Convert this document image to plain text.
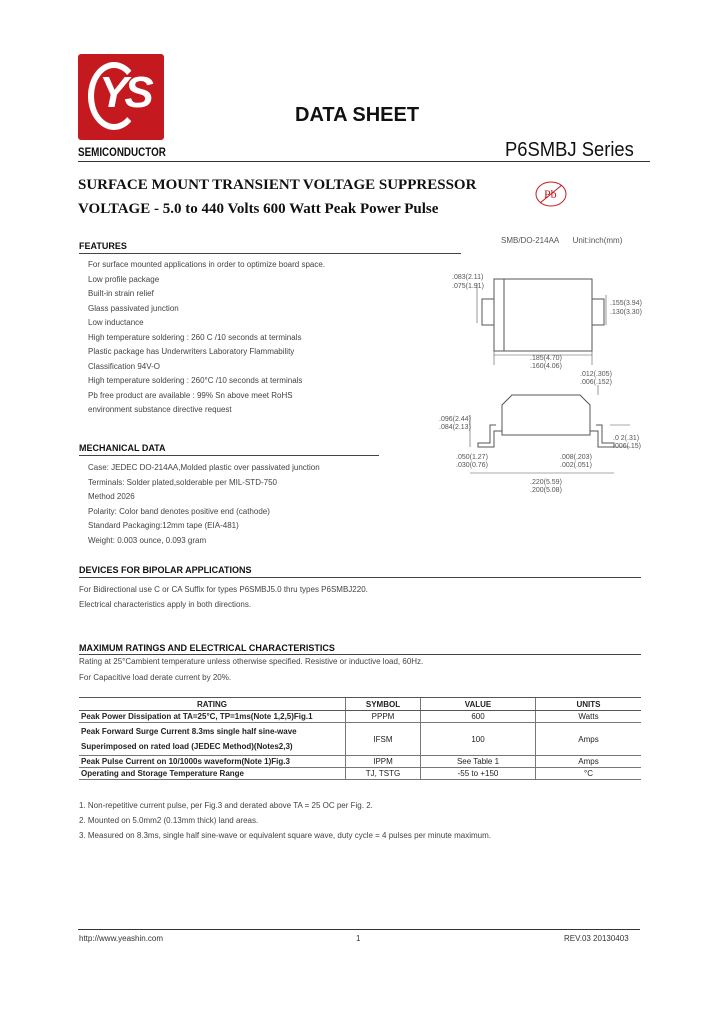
YS
SEMICONDUCTOR
DATA SHEET
P6SMBJ Series
SURFACE MOUNT TRANSIENT VOLTAGE SUPPRESSOR
VOLTAGE - 5.0 to 440 Volts 600 Watt Peak Power Pulse
Pb
FEATURES
For surface mounted applications in order to optimize board space.
Low profile package
Built-in strain relief
Glass passivated junction
Low inductance
High temperature soldering : 260 C /10 seconds at terminals
Plastic package has Underwriters Laboratory Flammability
Classification 94V-O
High temperature soldering : 260°C /10 seconds at terminals
Pb free product are available : 99% Sn above meet RoHS
environment substance directive request
SMB/DO-214AA Unit:inch(mm)
.083(2.11)
.075(1.91)
.155(3.94)
.130(3.30)
.185(4.70)
.160(4.06)
.012(.305)
.006(.152)
.096(2.44)
.084(2.13)
.050(1.27)
.030(0.76)
.008(.203)
.002(.051)
.220(5.59)
.200(5.08)
.0 2(.31)
.006(.15)
MECHANICAL DATA
Case: JEDEC DO-214AA,Molded plastic over passivated junction
Terminals: Solder plated,solderable per MIL-STD-750
Method 2026
Polarity: Color band denotes positive end (cathode)
Standard Packaging:12mm tape (EIA-481)
Weight: 0.003 ounce, 0.093 gram
DEVICES FOR BIPOLAR APPLICATIONS
For Bidirectional use C or CA Suffix for types P6SMBJ5.0 thru types P6SMBJ220.
Electrical characteristics apply in both directions.
MAXIMUM RATINGS AND ELECTRICAL CHARACTERISTICS
Rating at 25°Cambient temperature unless otherwise specified. Resistive or inductive load, 60Hz.
For Capacitive load derate current by 20%.
RATING	SYMBOL	VALUE	UNITS
Peak Power Dissipation at TA=25°C, TP=1ms(Note 1,2,5)Fig.1	PPPM	600	Watts

Peak Forward Surge Current 8.3ms single half sine-wave
Superimposed on rated load (JEDEC Method)(Notes2,3)	IFSM	100	Amps
Peak Pulse Current on 10/1000s waveform(Note 1)Fig.3	IPPM	See Table 1	Amps
Operating and Storage Temperature Range	TJ, TSTG	-55 to +150	°C
1. Non-repetitive current pulse, per Fig.3 and derated above TA = 25 OC per Fig. 2.
2. Mounted on 5.0mm2 (0.13mm thick) land areas.
3. Measured on 8.3ms, single half sine-wave or equivalent square wave, duty cycle = 4 pulses per minute maximum.
http://www.yeashin.com	1	REV.03 20130403
